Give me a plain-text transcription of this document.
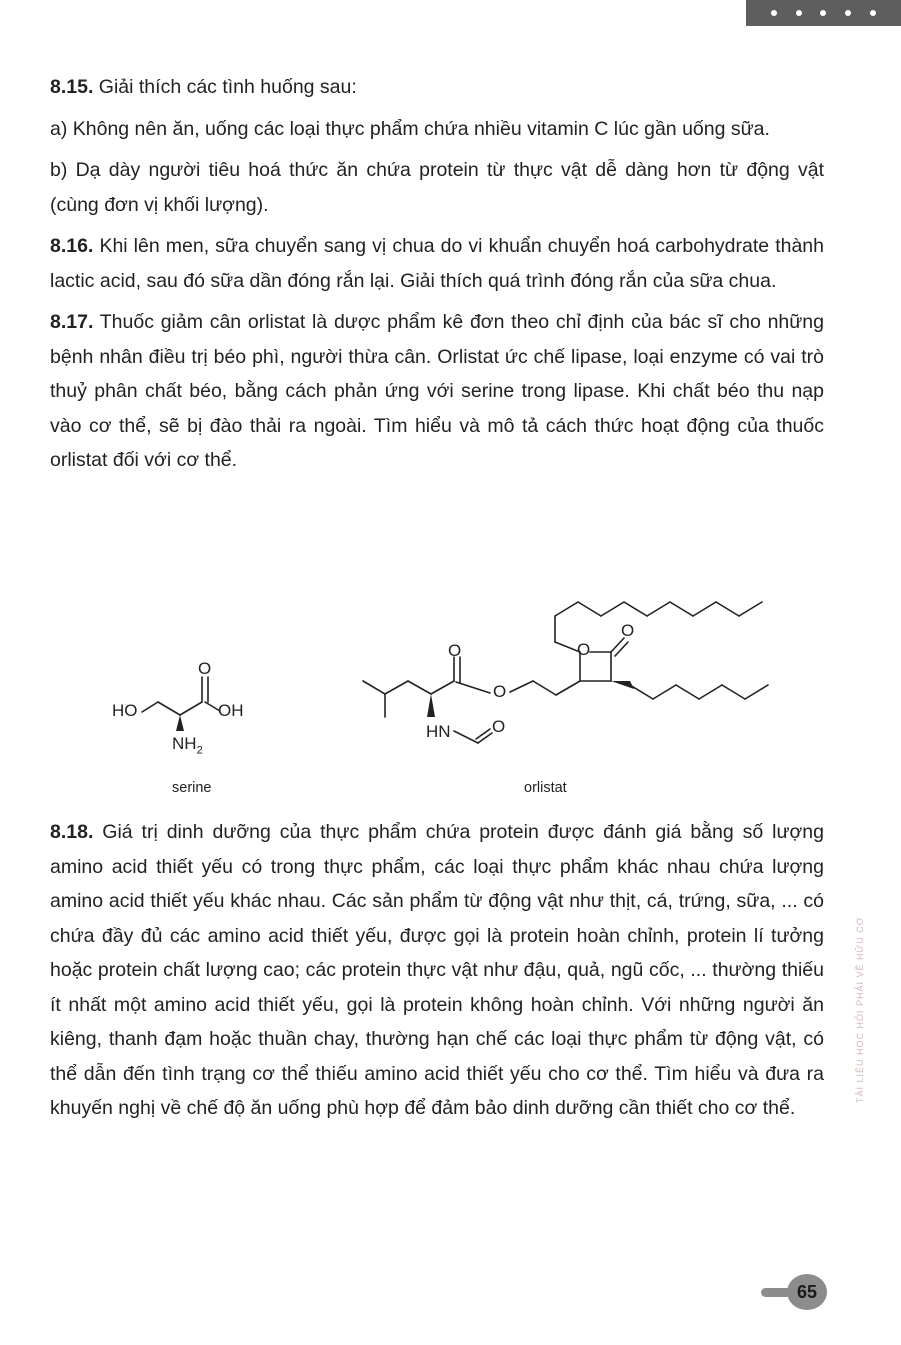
8.15. Giải thích các tình huống sau:

a) Không nên ăn, uống các loại thực phẩm chứa nhiều vitamin C lúc gần uống sữa.

b) Dạ dày người tiêu hoá thức ăn chứa protein từ thực vật dễ dàng hơn từ động vật (cùng đơn vị khối lượng).

8.16. Khi lên men, sữa chuyển sang vị chua do vi khuẩn chuyển hoá carbohydrate thành lactic acid, sau đó sữa dần đóng rắn lại. Giải thích quá trình đóng rắn của sữa chua.

8.17. Thuốc giảm cân orlistat là dược phẩm kê đơn theo chỉ định của bác sĩ cho những bệnh nhân điều trị béo phì, người thừa cân. Orlistat ức chế lipase, loại enzyme có vai trò thuỷ phân chất béo, bằng cách phản ứng với serine trong lipase. Khi chất béo thu nạp vào cơ thể, sẽ bị đào thải ra ngoài. Tìm hiểu và mô tả cách thức hoạt động của thuốc orlistat đối với cơ thể.

HO	OH
O
$NH_2$
serine
O
O
O
O
HN O
orlistat

8.18. Giá trị dinh dưỡng của thực phẩm chứa protein được đánh giá bằng số lượng amino acid thiết yếu có trong thực phẩm, các loại thực phẩm khác nhau chứa lượng amino acid thiết yếu khác nhau. Các sản phẩm từ động vật như thịt, cá, trứng, sữa, ... có chứa đầy đủ các amino acid thiết yếu, được gọi là protein hoàn chỉnh, protein lí tưởng hoặc protein chất lượng cao; các protein thực vật như đậu, quả, ngũ cốc, ... thường thiếu ít nhất một amino acid thiết yếu, gọi là protein không hoàn chỉnh. Với những người ăn kiêng, thanh đạm hoặc thuần chay, thường hạn chế các loại thực phẩm từ động vật, có thể dẫn đến tình trạng cơ thể thiếu amino acid thiết yếu cho cơ thể. Tìm hiểu và đưa ra khuyến nghị về chế độ ăn uống phù hợp để đảm bảo dinh dưỡng cần thiết cho cơ thể.

TÀI LIỆU HỌC HỎI PHẢI VỀ HỮU CƠ
65
